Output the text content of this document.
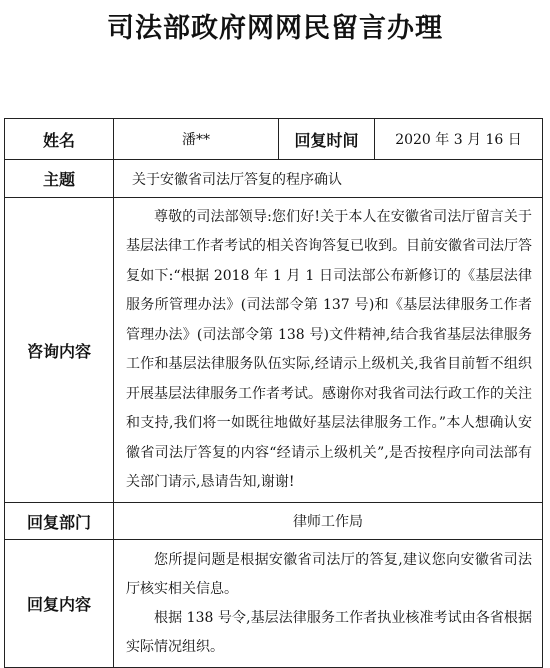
司法部政府网网民留言办理
姓名	潘**	回复时间	2020 年 3 月 16 日
主题	关于安徽省司法厅答复的程序确认		
咨询内容	尊敬的司法部领导:您们好!关于本人在安徽省司法厅留言关于基层法律工作者考试的相关咨询答复已收到。目前安徽省司法厅答复如下:“根据 2018 年 1 月 1 日司法部公布新修订的《基层法律服务所管理办法》(司法部令第 137 号)和《基层法律服务工作者管理办法》(司法部令第 138 号)文件精神,结合我省基层法律服务工作和基层法律服务队伍实际,经请示上级机关,我省目前暂不组织开展基层法律服务工作者考试。感谢你对我省司法行政工作的关注和支持,我们将一如既往地做好基层法律服务工作。”本人想确认安徽省司法厅答复的内容“经请示上级机关”,是否按程序向司法部有关部门请示,恳请告知,谢谢!		

回复部门	律师工作局		
回复内容	您所提问题是根据安徽省司法厅的答复,建议您向安徽省司法厅核实相关信息。

根据 138 号令,基层法律服务工作者执业核准考试由各省根据实际情况组织。		
